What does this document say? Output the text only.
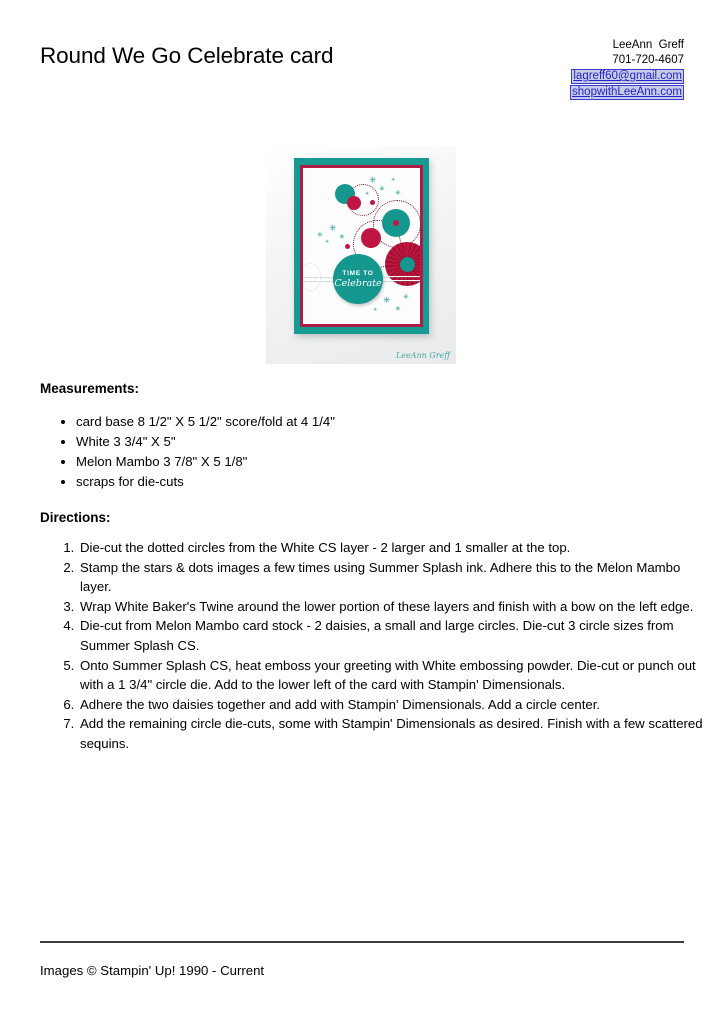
Round We Go Celebrate card	LeeAnn  Greff
701-720-4607
lagreff60@gmail.com
shopwithLeeAnn.com
✳
✳
✳
✳
✳
✳
✳
✳
✳
✳
✳
✳
✳
TIME TO
Celebrate
LeeAnn Greff
Measurements:
• card base 8 1/2" X 5 1/2" score/fold at 4 1/4"
• White 3 3/4" X 5"
• Melon Mambo 3 7/8" X 5 1/8"
• scraps for die-cuts
Directions:
1. Die-cut the dotted circles from the White CS layer - 2 larger and 1 smaller at the top.
2. Stamp the stars & dots images a few times using Summer Splash ink. Adhere this to the Melon Mambo layer.
3. Wrap White Baker's Twine around the lower portion of these layers and finish with a bow on the left edge.
4. Die-cut from Melon Mambo card stock - 2 daisies, a small and large circles. Die-cut 3 circle sizes from Summer Splash CS.
5. Onto Summer Splash CS, heat emboss your greeting with White embossing powder. Die-cut or punch out with a 1 3/4" circle die. Add to the lower left of the card with Stampin' Dimensionals.
6. Adhere the two daisies together and add with Stampin' Dimensionals. Add a circle center.
7. Add the remaining circle die-cuts, some with Stampin' Dimensionals as desired. Finish with a few scattered sequins.
Images © Stampin' Up! 1990 - Current
